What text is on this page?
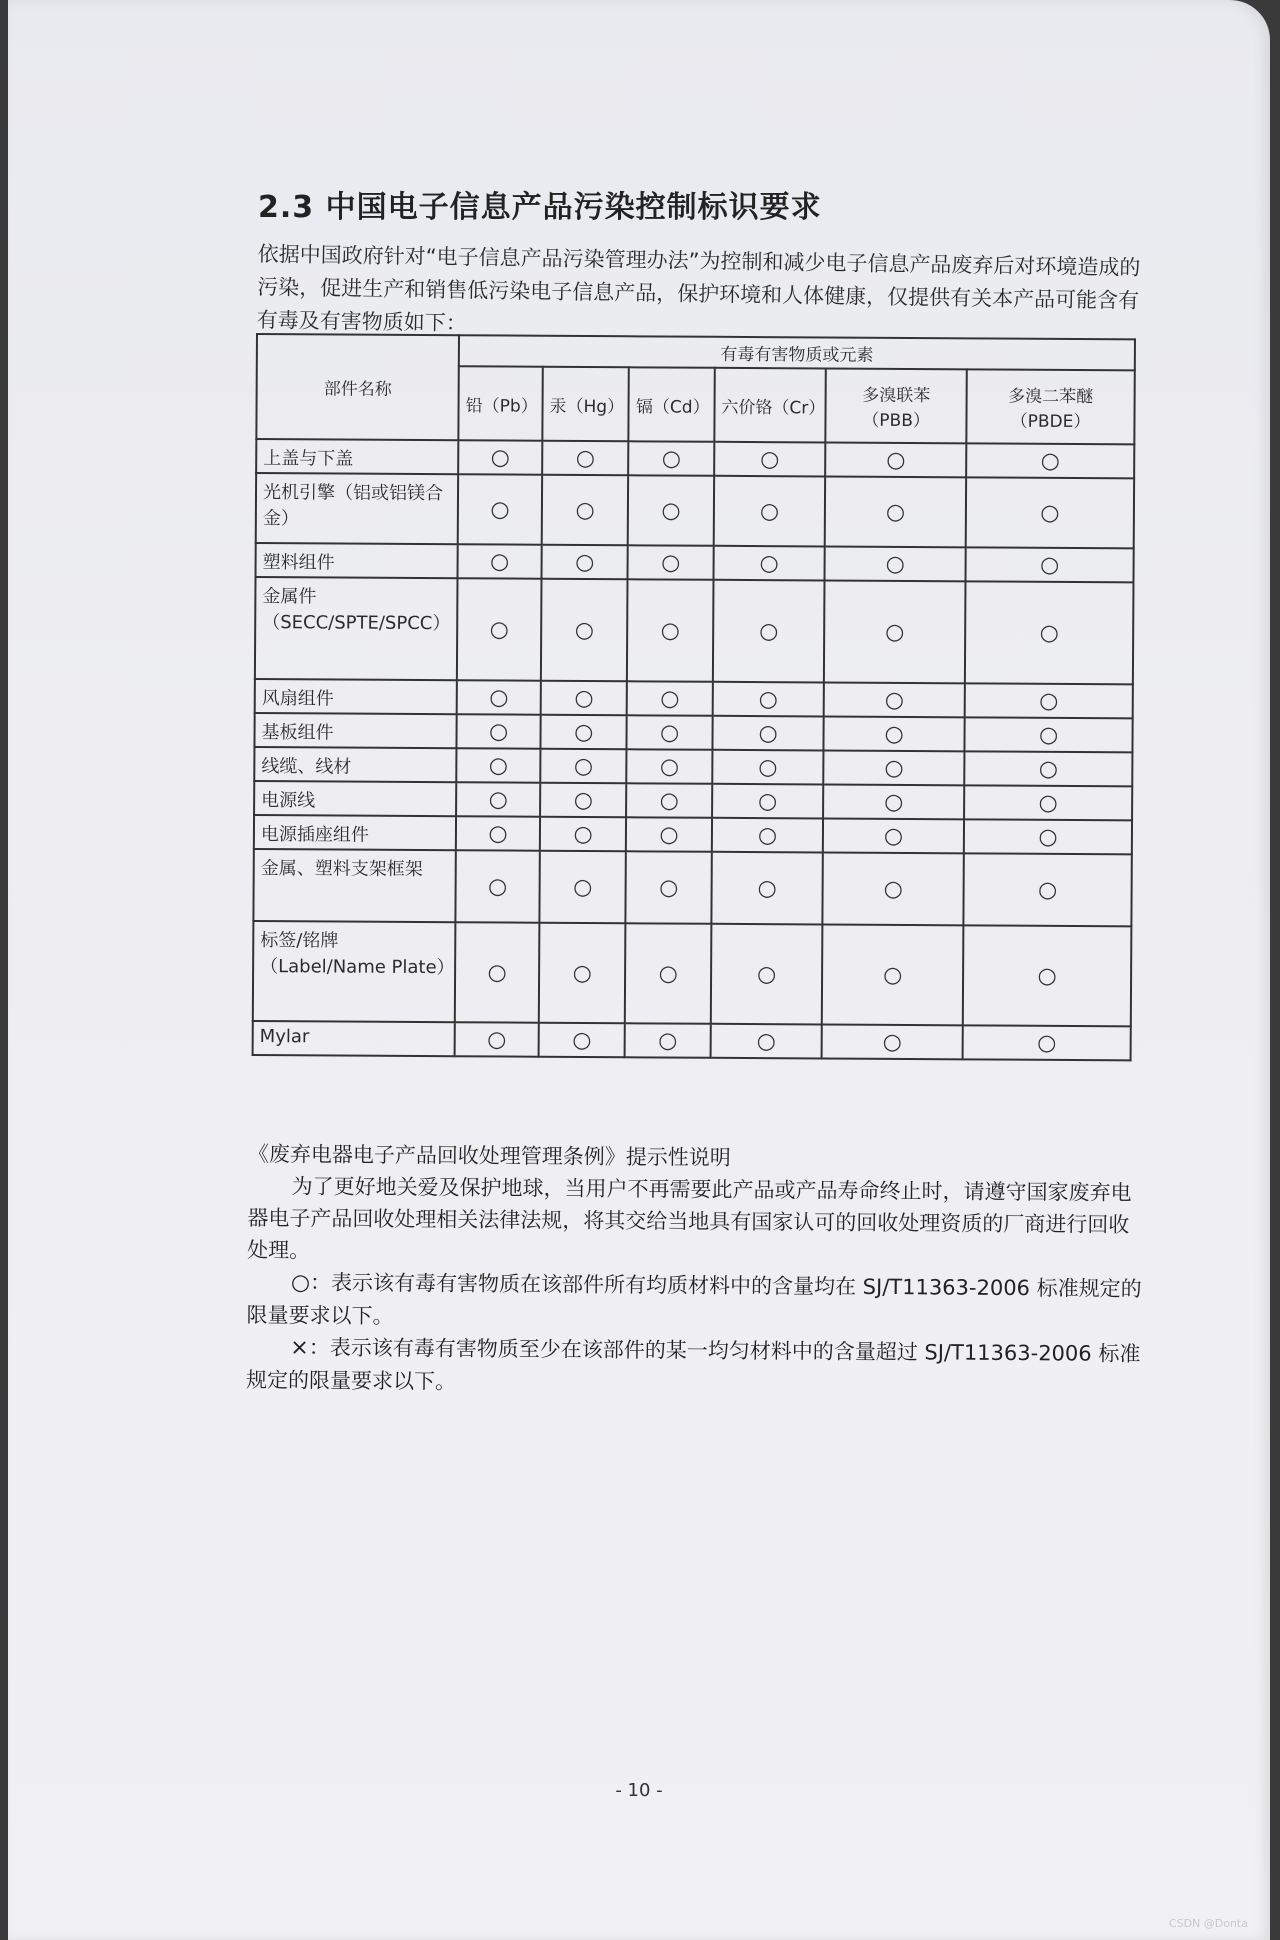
2.3 中国电子信息产品污染控制标识要求
依据中国政府针对“电子信息产品污染管理办法”为控制和减少电子信息产品废弃后对环境造成的污染，促进生产和销售低污染电子信息产品，保护环境和人体健康，仅提供有关本产品可能含有有毒及有害物质如下：
部件名称	有毒有害物质或元素					
	铅（Pb）	汞（Hg）	镉（Cd）	六价铬（Cr）	多溴联苯（PBB）	多溴二苯醚（PBDE）
上盖与下盖	○	○	○	○	○	○
光机引擎（铝或铝镁合金）	○	○	○	○	○	○
塑料组件	○	○	○	○	○	○
金属件（SECC/SPTE/SPCC）	○	○	○	○	○	○
风扇组件	○	○	○	○	○	○
基板组件	○	○	○	○	○	○
线缆、线材	○	○	○	○	○	○
电源线	○	○	○	○	○	○
电源插座组件	○	○	○	○	○	○
金属、塑料支架框架	○	○	○	○	○	○
标签/铭牌（Label/Name Plate）	○	○	○	○	○	○
Mylar	○	○	○	○	○	○

《废弃电器电子产品回收处理管理条例》提示性说明

为了更好地关爱及保护地球，当用户不再需要此产品或产品寿命终止时，请遵守国家废弃电器电子产品回收处理相关法律法规，将其交给当地具有国家认可的回收处理资质的厂商进行回收处理。

○：表示该有毒有害物质在该部件所有均质材料中的含量均在 SJ/T11363-2006 标准规定的限量要求以下。

×：表示该有毒有害物质至少在该部件的某一均匀材料中的含量超过 SJ/T11363-2006 标准规定的限量要求以下。

- 10 -
CSDN @Donta
